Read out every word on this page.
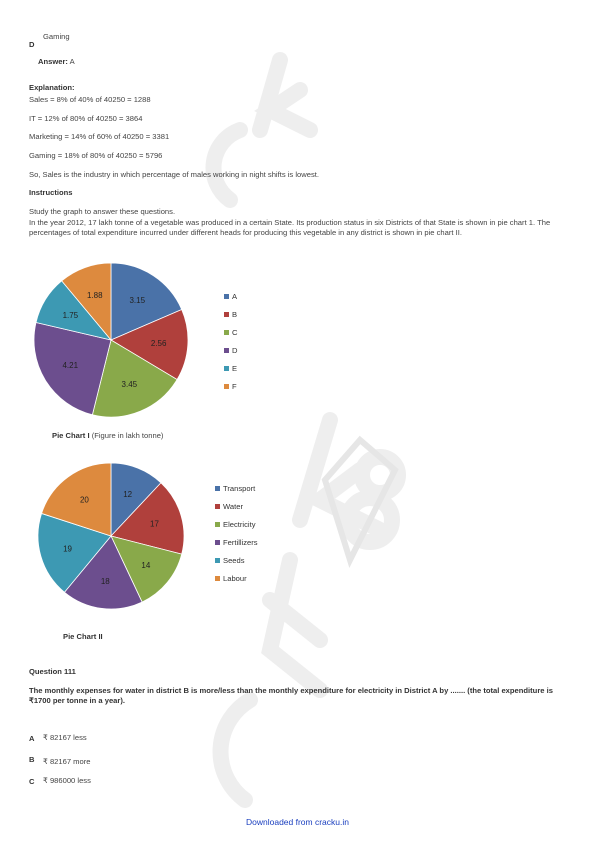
D
Gaming
Answer: A
Explanation:
Sales = 8% of 40% of 40250 = 1288
IT = 12% of 80% of 40250 = 3864
Marketing = 14% of 60% of 40250 = 3381
Gaming = 18% of 80% of 40250 = 5796
So, Sales is the industry in which percentage of males working in night shifts is lowest.
Instructions
Study the graph to answer these questions.
In the year 2012, 17 lakh tonne of a vegetable was produced in a certain State. Its production status in six Districts of that State is shown in pie chart 1. The percentages of total expenditure incurred under different heads for producing this vegetable in any district is shown in pie chart II.
3.15
2.56
3.45
4.21
1.75
1.88	A
B
C
D
E
F
Pie Chart I (Figure in lakh tonne)
12
17
14
18
19
20
Transport
Water
Electricity
Fertillizers
Seeds
Labour
Pie Chart II
Question 111
The monthly expenses for water in district B is more/less than the monthly expenditure for electricity in District A by ....... (the total expenditure is ₹1700 per tonne in a year).
A ₹ 82167 less
B ₹ 82167 more
C ₹ 986000 less
Downloaded from cracku.in
